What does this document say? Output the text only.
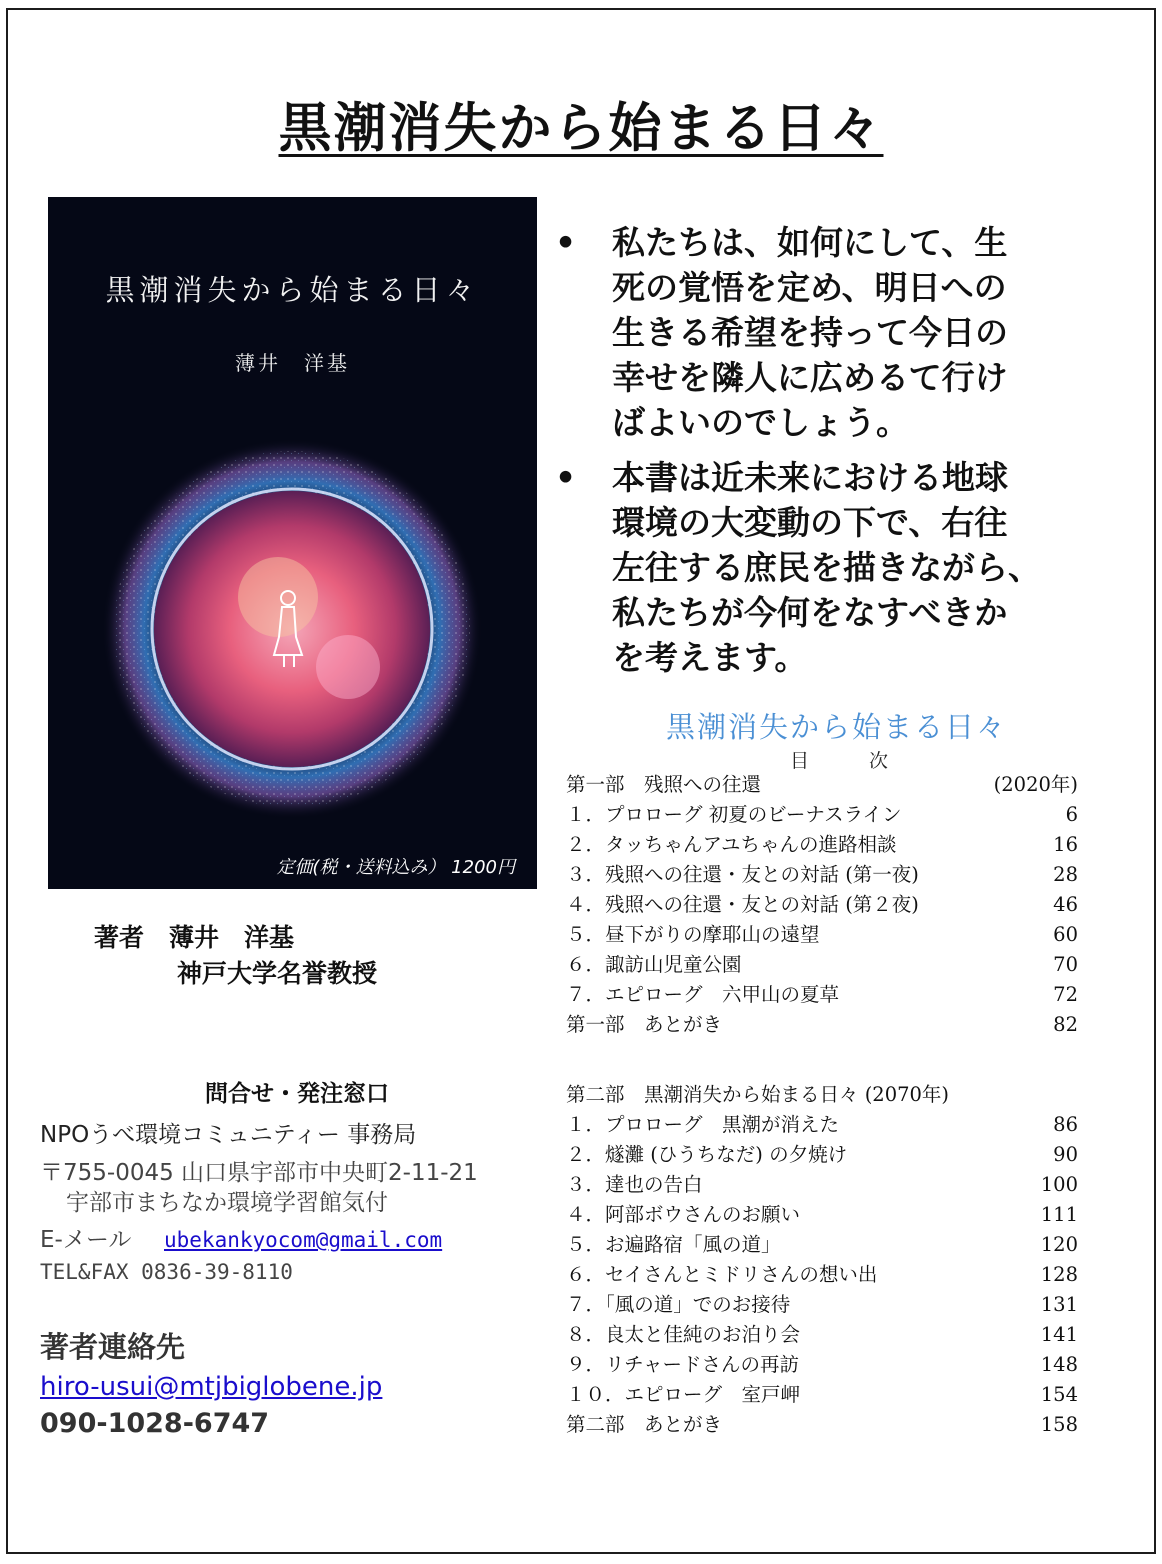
黒潮消失から始まる日々
黒潮消失から始まる日々
薄井　洋基
定価(税・送料込み） 1200円
著者　薄井　洋基
神戸大学名誉教授
• 私たちは、如何にして、生
死の覚悟を定め、明日への
生きる希望を持って今日の
幸せを隣人に広めるて行け
ばよいのでしょう。
• 本書は近未来における地球
環境の大変動の下で、右往
左往する庶民を描きながら、
私たちが今何をなすべきか
を考えます。
黒潮消失から始まる日々
目次
第一部　残照への往還	(2020年)
１．プロローグ 初夏のビーナスライン	6
２．タッちゃんアユちゃんの進路相談	16
３．残照への往還・友との対話 (第一夜)	28
４．残照への往還・友との対話 (第２夜)	46
５．昼下がりの摩耶山の遠望	60
６．諏訪山児童公園	70
７．エピローグ　六甲山の夏草	72
第一部　あとがき	82
第二部　黒潮消失から始まる日々 (2070年)
１．プロローグ　黒潮が消えた	86
２．燧灘 (ひうちなだ) の夕焼け	90
３．達也の告白	100
４．阿部ボウさんのお願い	111
５．お遍路宿「風の道」	120
６．セイさんとミドリさんの想い出	128
７．「風の道」でのお接待	131
８．良太と佳純のお泊り会	141
９．リチャードさんの再訪	148
１０．エピローグ　室戸岬	154
第二部　あとがき	158
問合せ・発注窓口
NPOうべ環境コミュニティー 事務局
〒755-0045 山口県宇部市中央町2-11-21
宇部市まちなか環境学習館気付
E-メール ubekankyocom@gmail.com
TEL&FAX 0836-39-8110
著者連絡先
hiro-usui@mtjbiglobene.jp
090-1028-6747
